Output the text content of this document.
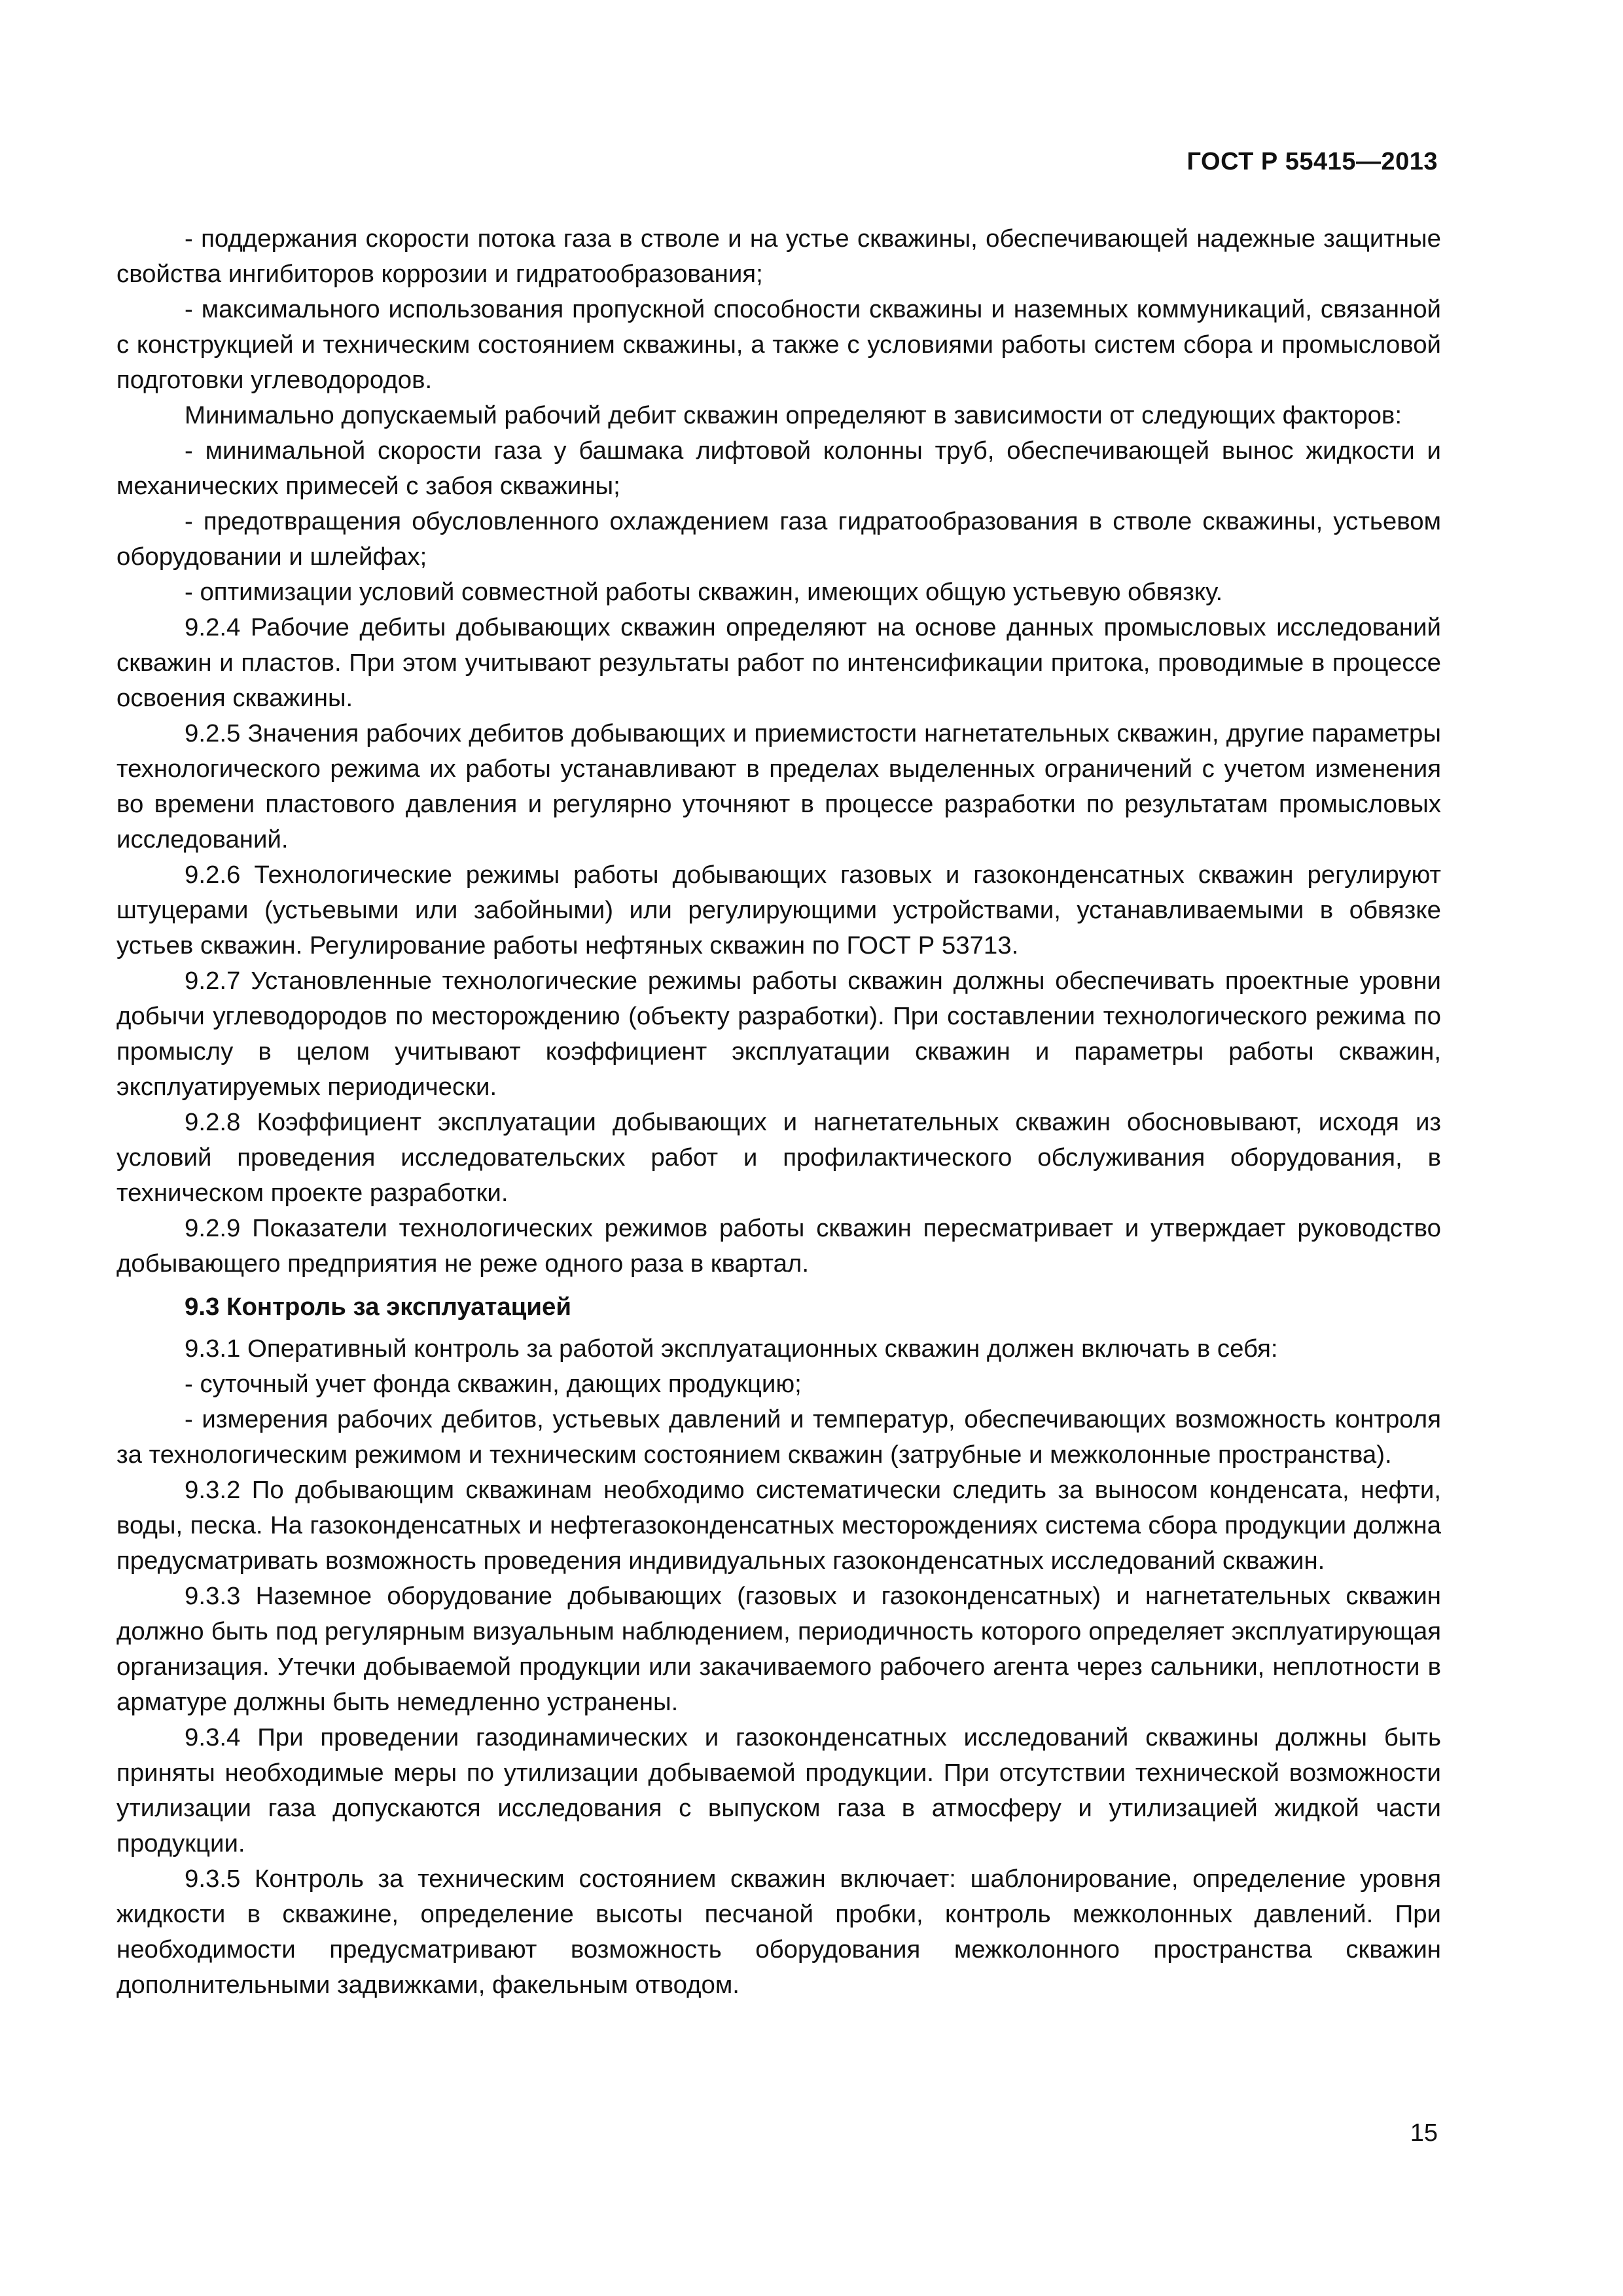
ГОСТ Р 55415—2013

- поддержания скорости потока газа в стволе и на устье скважины, обеспечивающей надежные защитные свойства ингибиторов коррозии и гидратообразования;

- максимального использования пропускной способности скважины и наземных коммуникаций, связанной с конструкцией и техническим состоянием скважины, а также с условиями работы систем сбора и промысловой подготовки углеводородов.

Минимально допускаемый рабочий дебит скважин определяют в зависимости от следующих факторов:

- минимальной скорости газа у башмака лифтовой колонны труб, обеспечивающей вынос жидкости и механических примесей с забоя скважины;

- предотвращения обусловленного охлаждением газа гидратообразования в стволе скважины, устьевом оборудовании и шлейфах;

- оптимизации условий совместной работы скважин, имеющих общую устьевую обвязку.

9.2.4 Рабочие дебиты добывающих скважин определяют на основе данных промысловых исследований скважин и пластов. При этом учитывают результаты работ по интенсификации притока, проводимые в процессе освоения скважины.

9.2.5 Значения рабочих дебитов добывающих и приемистости нагнетательных скважин, другие параметры технологического режима их работы устанавливают в пределах выделенных ограничений с учетом изменения во времени пластового давления и регулярно уточняют в процессе разработки по результатам промысловых исследований.

9.2.6 Технологические режимы работы добывающих газовых и газоконденсатных скважин регулируют штуцерами (устьевыми или забойными) или регулирующими устройствами, устанавливаемыми в обвязке устьев скважин. Регулирование работы нефтяных скважин по ГОСТ Р 53713.

9.2.7 Установленные технологические режимы работы скважин должны обеспечивать проектные уровни добычи углеводородов по месторождению (объекту разработки). При составлении технологического режима по промыслу в целом учитывают коэффициент эксплуатации скважин и параметры работы скважин, эксплуатируемых периодически.

9.2.8 Коэффициент эксплуатации добывающих и нагнетательных скважин обосновывают, исходя из условий проведения исследовательских работ и профилактического обслуживания оборудования, в техническом проекте разработки.

9.2.9 Показатели технологических режимов работы скважин пересматривает и утверждает руководство добывающего предприятия не реже одного раза в квартал.

9.3 Контроль за эксплуатацией

9.3.1 Оперативный контроль за работой эксплуатационных скважин должен включать в себя:

- суточный учет фонда скважин, дающих продукцию;

- измерения рабочих дебитов, устьевых давлений и температур, обеспечивающих возможность контроля за технологическим режимом и техническим состоянием скважин (затрубные и межколонные пространства).

9.3.2 По добывающим скважинам необходимо систематически следить за выносом конденсата, нефти, воды, песка. На газоконденсатных и нефтегазоконденсатных месторождениях система сбора продукции должна предусматривать возможность проведения индивидуальных газоконденсатных исследований скважин.

9.3.3 Наземное оборудование добывающих (газовых и газоконденсатных) и нагнетательных скважин должно быть под регулярным визуальным наблюдением, периодичность которого определяет эксплуатирующая организация. Утечки добываемой продукции или закачиваемого рабочего агента через сальники, неплотности в арматуре должны быть немедленно устранены.

9.3.4 При проведении газодинамических и газоконденсатных исследований скважины должны быть приняты необходимые меры по утилизации добываемой продукции. При отсутствии технической возможности утилизации газа допускаются исследования с выпуском газа в атмосферу и утилизацией жидкой части продукции.

9.3.5 Контроль за техническим состоянием скважин включает: шаблонирование, определение уровня жидкости в скважине, определение высоты песчаной пробки, контроль межколонных давлений. При необходимости предусматривают возможность оборудования межколонного пространства скважин дополнительными задвижками, факельным отводом.

15
